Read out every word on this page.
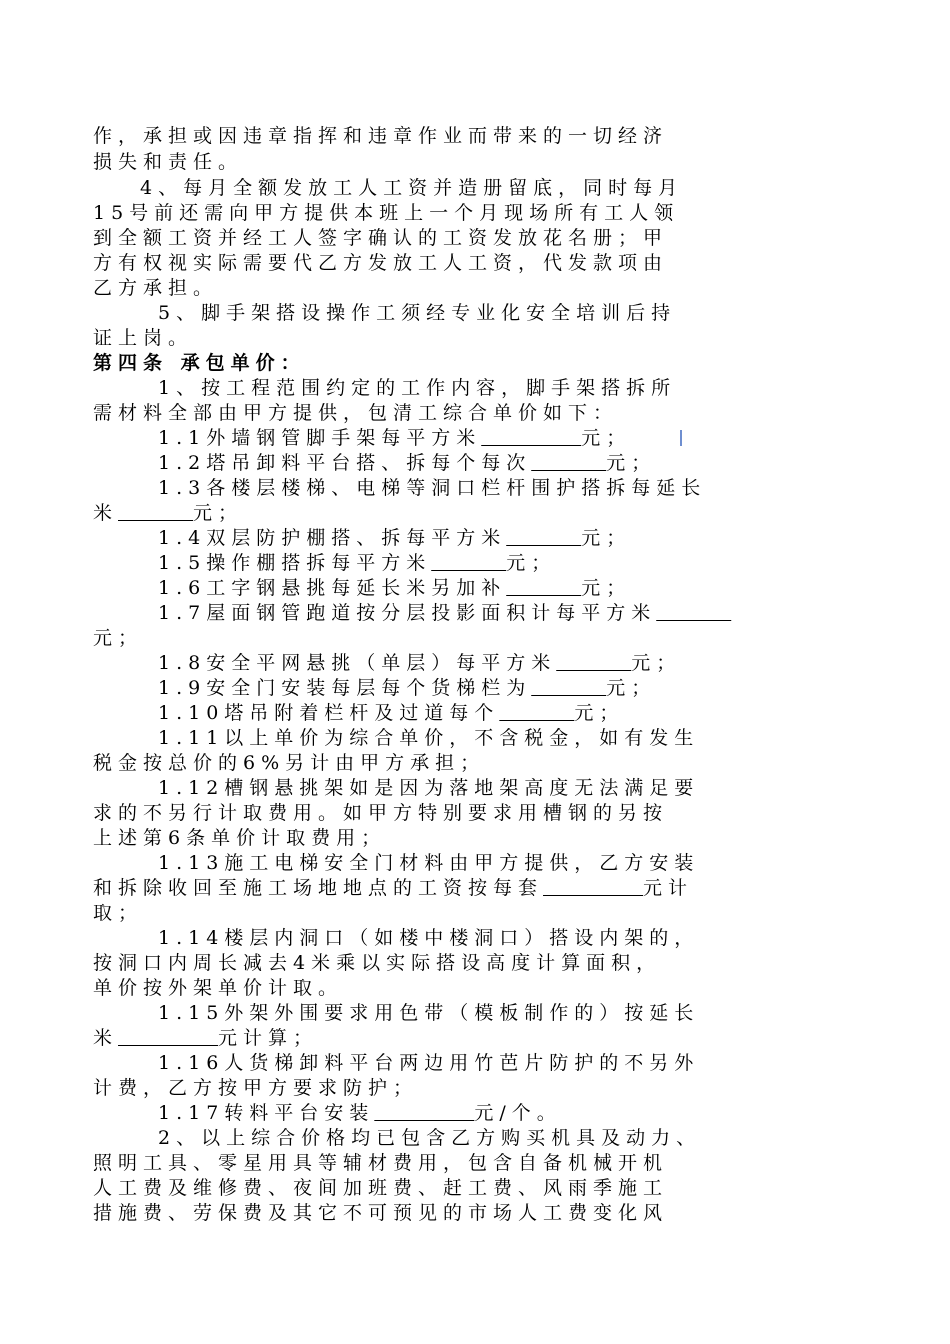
作，承担或因违章指挥和违章作业而带来的一切经济
损失和责任。
4、每月全额发放工人工资并造册留底，同时每月
15号前还需向甲方提供本班上一个月现场所有工人领
到全额工资并经工人签字确认的工资发放花名册；甲
方有权视实际需要代乙方发放工人工资，代发款项由
乙方承担。
5、脚手架搭设操作工须经专业化安全培训后持
证上岗。
第四条 承包单价：
1、按工程范围约定的工作内容，脚手架搭拆所
需材料全部由甲方提供，包清工综合单价如下：
1.1外墙钢管脚手架每平方米　　　　	元；
1.2塔吊卸料平台搭、拆每个每次　　　	元；
1.3各楼层楼梯、电梯等洞口栏杆围护搭拆每延长
米　　　	元；
1.4双层防护棚搭、拆每平方米　　　	元；
1.5操作棚搭拆每平方米　　　	元；
1.6工字钢悬挑每延长米另加补　　　	元；
1.7屋面钢管跑道按分层投影面积计每平方米　　　
元；
1.8安全平网悬挑（单层）每平方米　　　	元；
1.9安全门安装每层每个货梯栏为　　　	元；
1.10塔吊附着栏杆及过道每个　　　	元；
1.11以上单价为综合单价，不含税金，如有发生
税金按总价的6%另计由甲方承担；
1.12槽钢悬挑架如是因为落地架高度无法满足要
求的不另行计取费用。如甲方特别要求用槽钢的另按
上述第6条单价计取费用；
1.13施工电梯安全门材料由甲方提供，乙方安装
和拆除收回至施工场地地点的工资按每套　　　　	元计
取；
1.14楼层内洞口（如楼中楼洞口）搭设内架的，
按洞口内周长减去4米乘以实际搭设高度计算面积，
单价按外架单价计取。
1.15外架外围要求用色带（模板制作的）按延长
米　　　　	元计算；
1.16人货梯卸料平台两边用竹芭片防护的不另外
计费，乙方按甲方要求防护；
1.17转料平台安装　　　　	元/个。
2、以上综合价格均已包含乙方购买机具及动力、
照明工具、零星用具等辅材费用，包含自备机械开机
人工费及维修费、夜间加班费、赶工费、风雨季施工
措施费、劳保费及其它不可预见的市场人工费变化风
